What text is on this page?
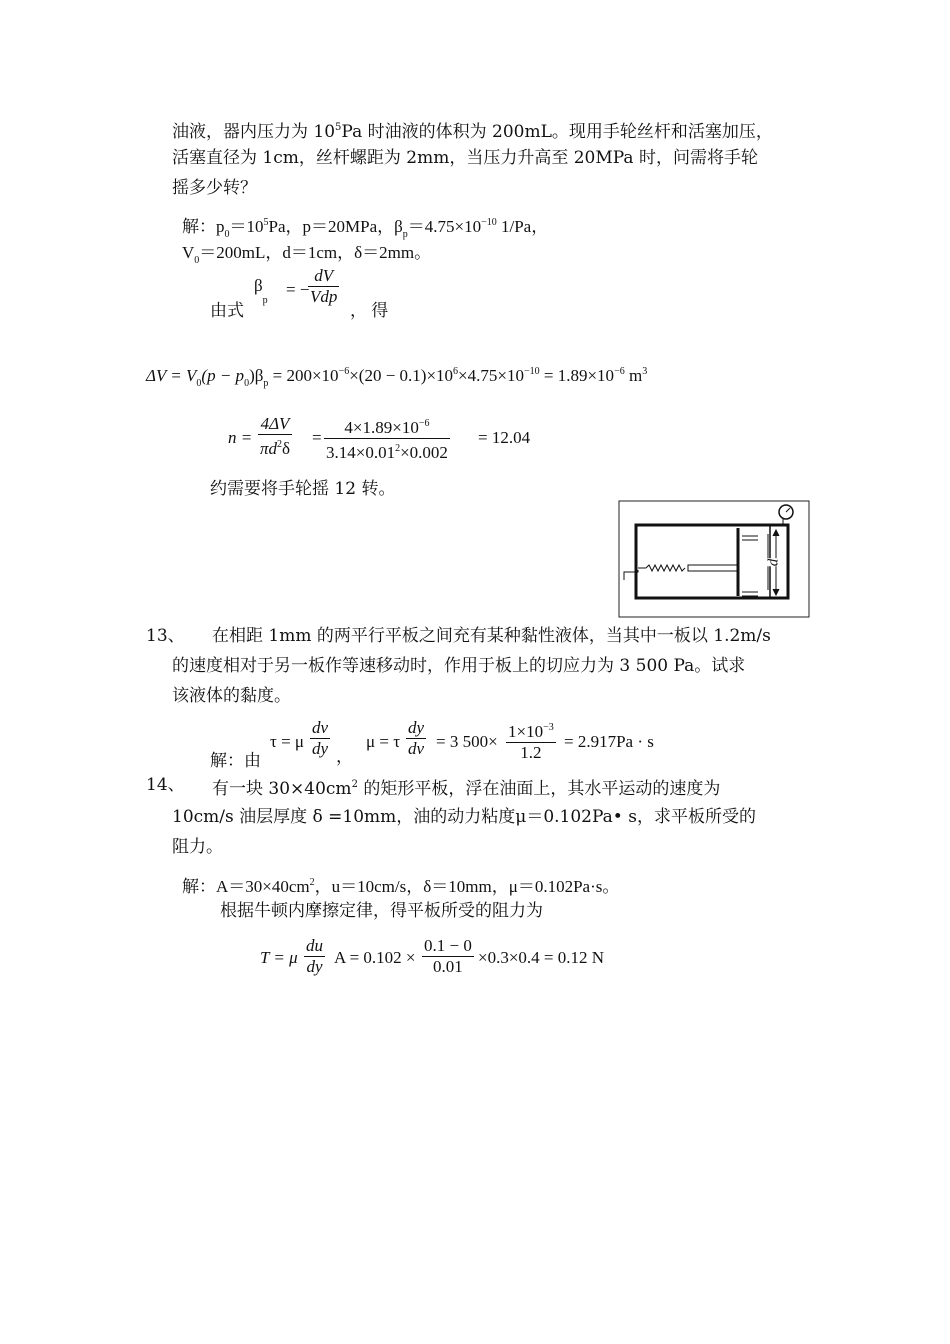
油液，器内压力为 $10^5Pa$ 时油液的体积为 200mL。现用手轮丝杆和活塞加压，
活塞直径为 1cm，丝杆螺距为 2mm，当压力升高至 20MPa 时，问需将手轮
摇多少转？
解：$p_0=10^5Pa$，p＝20MPa，$\beta_p=4.75\times 10^{-10}$ 1/Pa，
$V_0=200mL$，d＝1cm，δ＝2mm。
由式
$\beta_p$
= −
dV
Vdp
， 得
$\Delta V = V_0(p - p_0)\beta_p = 200\times 10^{-6}\times(20 - 0.1)\times 10^6\times 4.75\times 10^{-10} = 1.89\times 10^{-6}$ $m^3$
$n = \frac{4\Delta V}{\pi d^2\delta} = \frac{4\times 1.89\times 10^{-6}}{3.14\times 0.01^2\times 0.002} = 12.04$
约需要将手轮摇 12 转。
d
13、 在相距 1mm 的两平行平板之间充有某种黏性液体，当其中一板以 1.2m/s
的速度相对于另一板作等速移动时，作用于板上的切应力为 3 500 Pa。试求
该液体的黏度。
解：由
τ = μ $\frac{dv}{dy}$ ，
μ = τ $\frac{dy}{dv} = 3$ $500\times \frac{1\times 10^{-3}}{1.2} = 2.917Pa \cdot s$
14、 有一块 $30\times 40cm^2$ 的矩形平板，浮在油面上，其水平运动的速度为
10cm/s 油层厚度 δ =10mm，油的动力粘度μ＝0.102Pa• s，求平板所受的
阻力。
解：$A=30\times 40cm^2$，u＝10cm/s，δ＝10mm，μ＝0.102Pa·s。
根据牛顿内摩擦定律，得平板所受的阻力为
T = μ $\frac{du}{dy}$ $A = 0.102 \times \frac{0.1 - 0}{0.01} \times 0.3\times 0.4 = 0.12$ N
